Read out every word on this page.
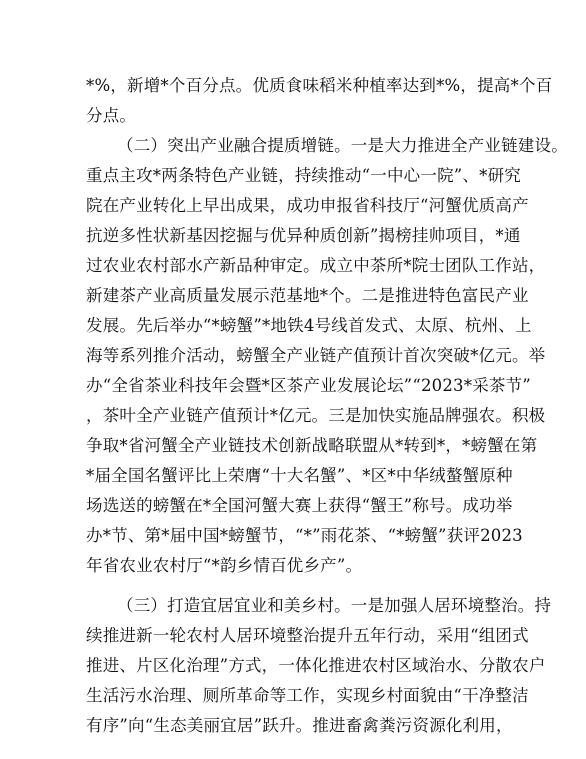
*%，新增*个百分点。优质食味稻米种植率达到*%，提高*个百
分点。
（二）突出产业融合提质增链。一是大力推进全产业链建设。
重点主攻*两条特色产业链，持续推动“一中心一院”、*研究
院在产业转化上早出成果，成功申报省科技厅“河蟹优质高产
抗逆多性状新基因挖掘与优异种质创新”揭榜挂帅项目，*通
过农业农村部水产新品种审定。成立中茶所*院士团队工作站，
新建茶产业高质量发展示范基地*个。二是推进特色富民产业
发展。先后举办“*螃蟹”*地铁4号线首发式、太原、杭州、上
海等系列推介活动，螃蟹全产业链产值预计首次突破*亿元。举
办“全省茶业科技年会暨*区茶产业发展论坛”“2023*采茶节”
，茶叶全产业链产值预计*亿元。三是加快实施品牌强农。积极
争取*省河蟹全产业链技术创新战略联盟从*转到*，*螃蟹在第
*届全国名蟹评比上荣膺“十大名蟹”、*区*中华绒螯蟹原种
场选送的螃蟹在*全国河蟹大赛上获得“蟹王”称号。成功举
办*节、第*届中国*螃蟹节，“*”雨花茶、“*螃蟹”获评2023
年省农业农村厅“*韵乡情百优乡产”。
（三）打造宜居宜业和美乡村。一是加强人居环境整治。持
续推进新一轮农村人居环境整治提升五年行动，采用“组团式
推进、片区化治理”方式，一体化推进农村区域治水、分散农户
生活污水治理、厕所革命等工作，实现乡村面貌由“干净整洁
有序”向“生态美丽宜居”跃升。推进畜禽粪污资源化利用，
